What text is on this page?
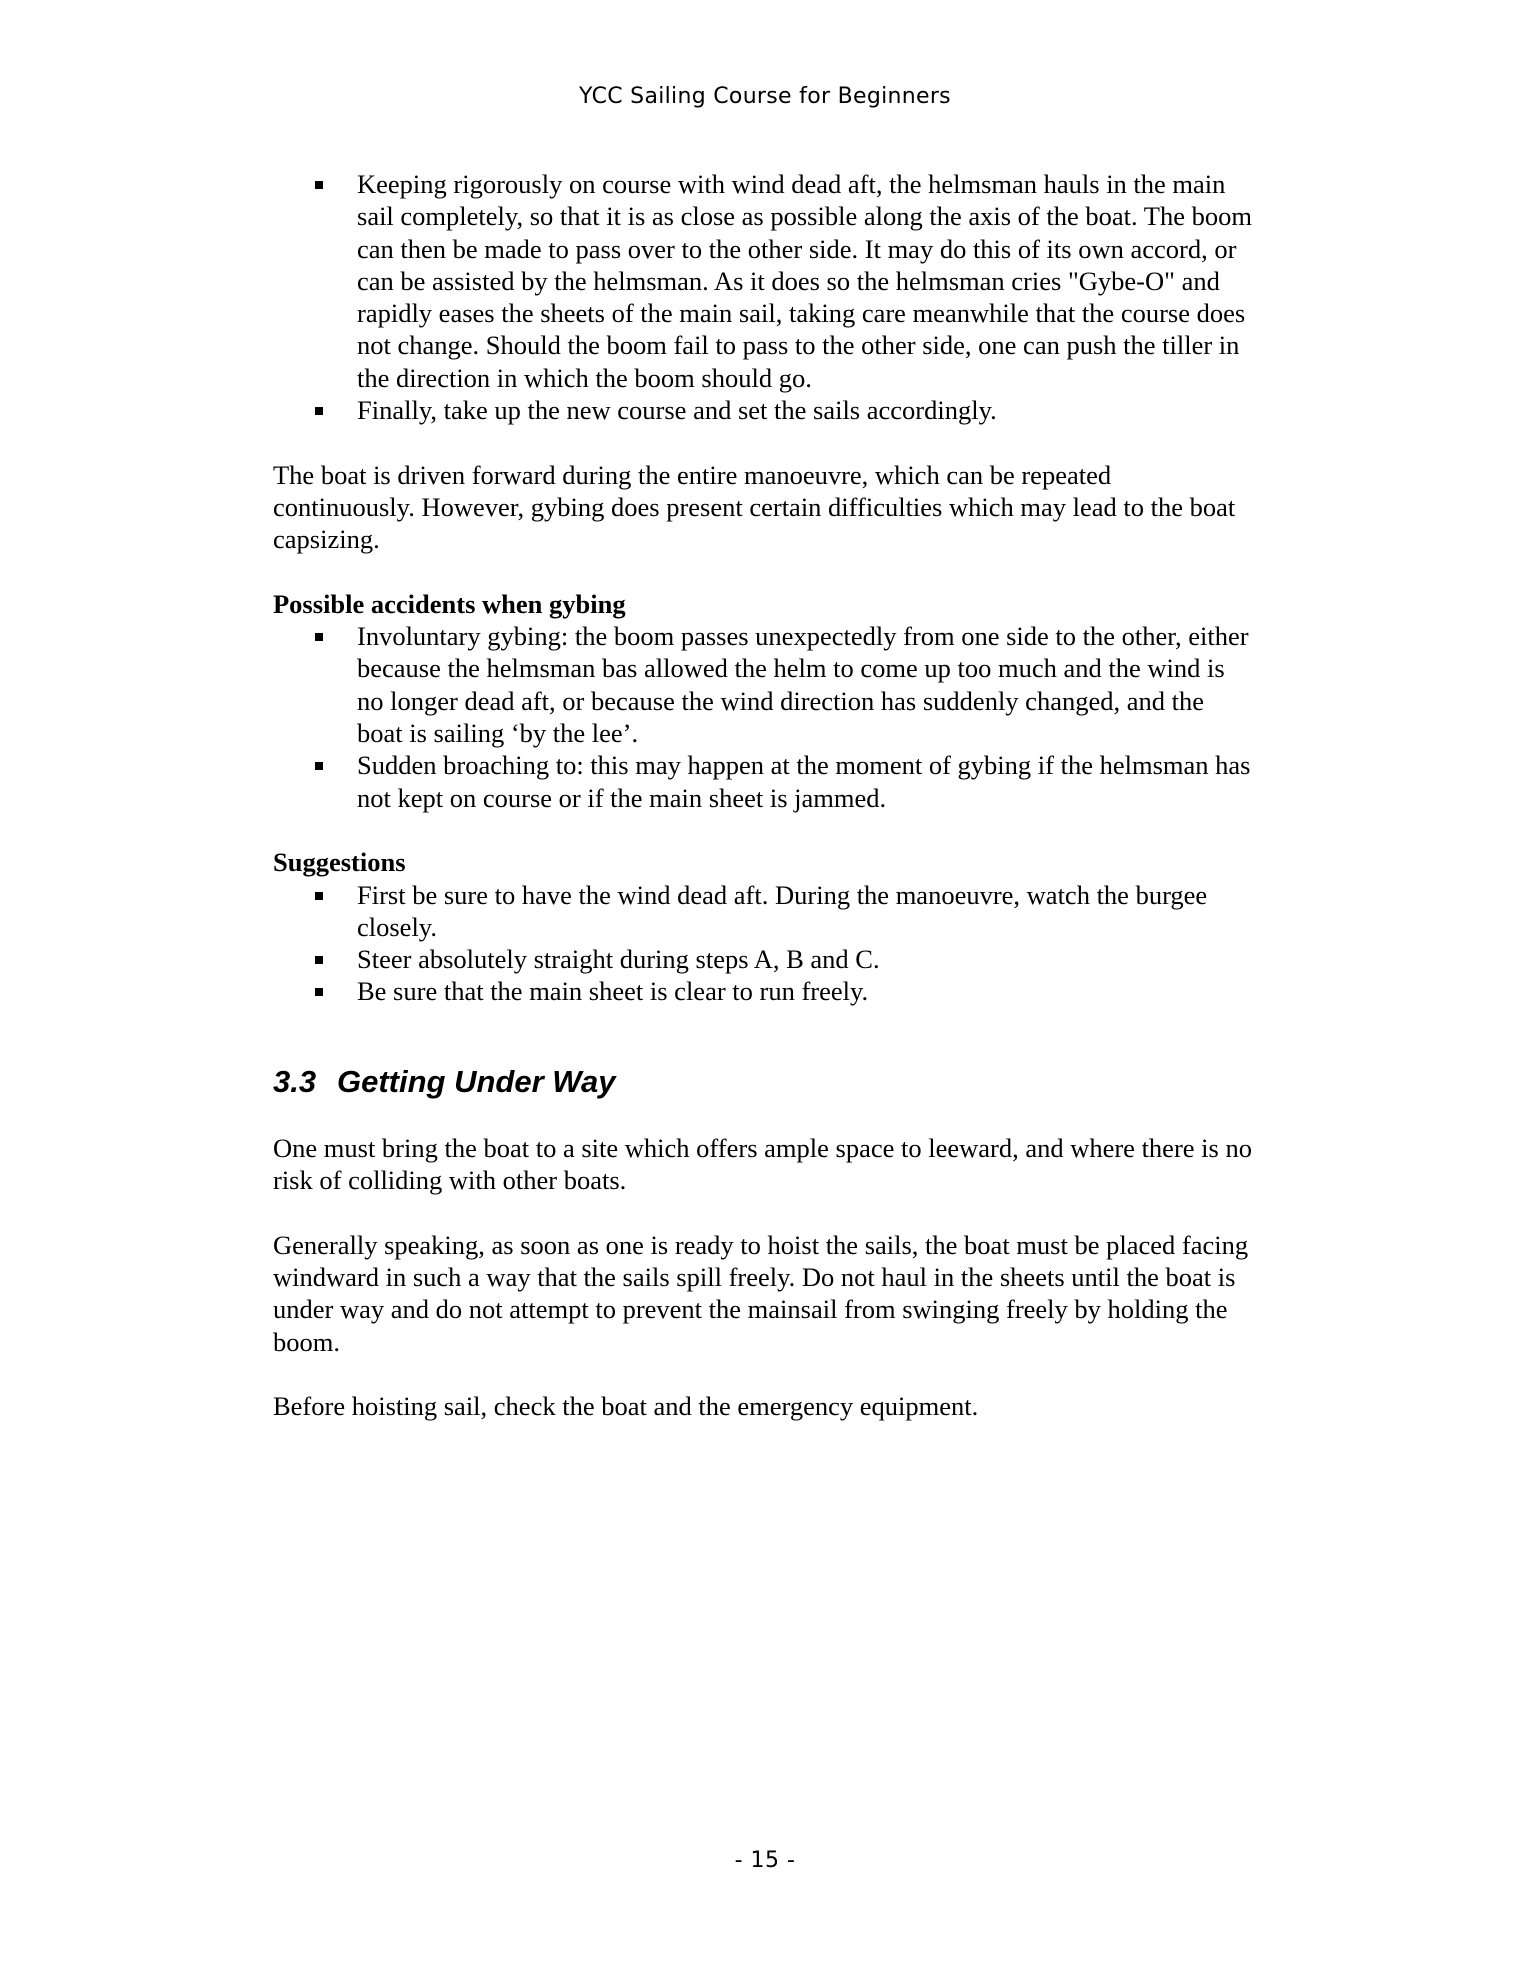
YCC Sailing Course for Beginners
Keeping rigorously on course with wind dead aft, the helmsman hauls in the main sail completely, so that it is as close as possible along the axis of the boat. The boom can then be made to pass over to the other side. It may do this of its own accord, or can be assisted by the helmsman. As it does so the helmsman cries "Gybe-O" and rapidly eases the sheets of the main sail, taking care meanwhile that the course does not change. Should the boom fail to pass to the other side, one can push the tiller in the direction in which the boom should go.
Finally, take up the new course and set the sails accordingly.

The boat is driven forward during the entire manoeuvre, which can be repeated continuously. However, gybing does present certain difficulties which may lead to the boat capsizing.

Possible accidents when gybing

Involuntary gybing: the boom passes unexpectedly from one side to the other, either because the helmsman bas allowed the helm to come up too much and the wind is no longer dead aft, or because the wind direction has suddenly changed, and the boat is sailing ‘by the lee’.
Sudden broaching to: this may happen at the moment of gybing if the helmsman has not kept on course or if the main sheet is jammed.

Suggestions

First be sure to have the wind dead aft. During the manoeuvre, watch the burgee closely.
Steer absolutely straight during steps A, B and C.
Be sure that the main sheet is clear to run freely.
3.3 Getting Under Way

One must bring the boat to a site which offers ample space to leeward, and where there is no risk of colliding with other boats.

Generally speaking, as soon as one is ready to hoist the sails, the boat must be placed facing windward in such a way that the sails spill freely. Do not haul in the sheets until the boat is under way and do not attempt to prevent the mainsail from swinging freely by holding the boom.

Before hoisting sail, check the boat and the emergency equipment.

- 15 -
